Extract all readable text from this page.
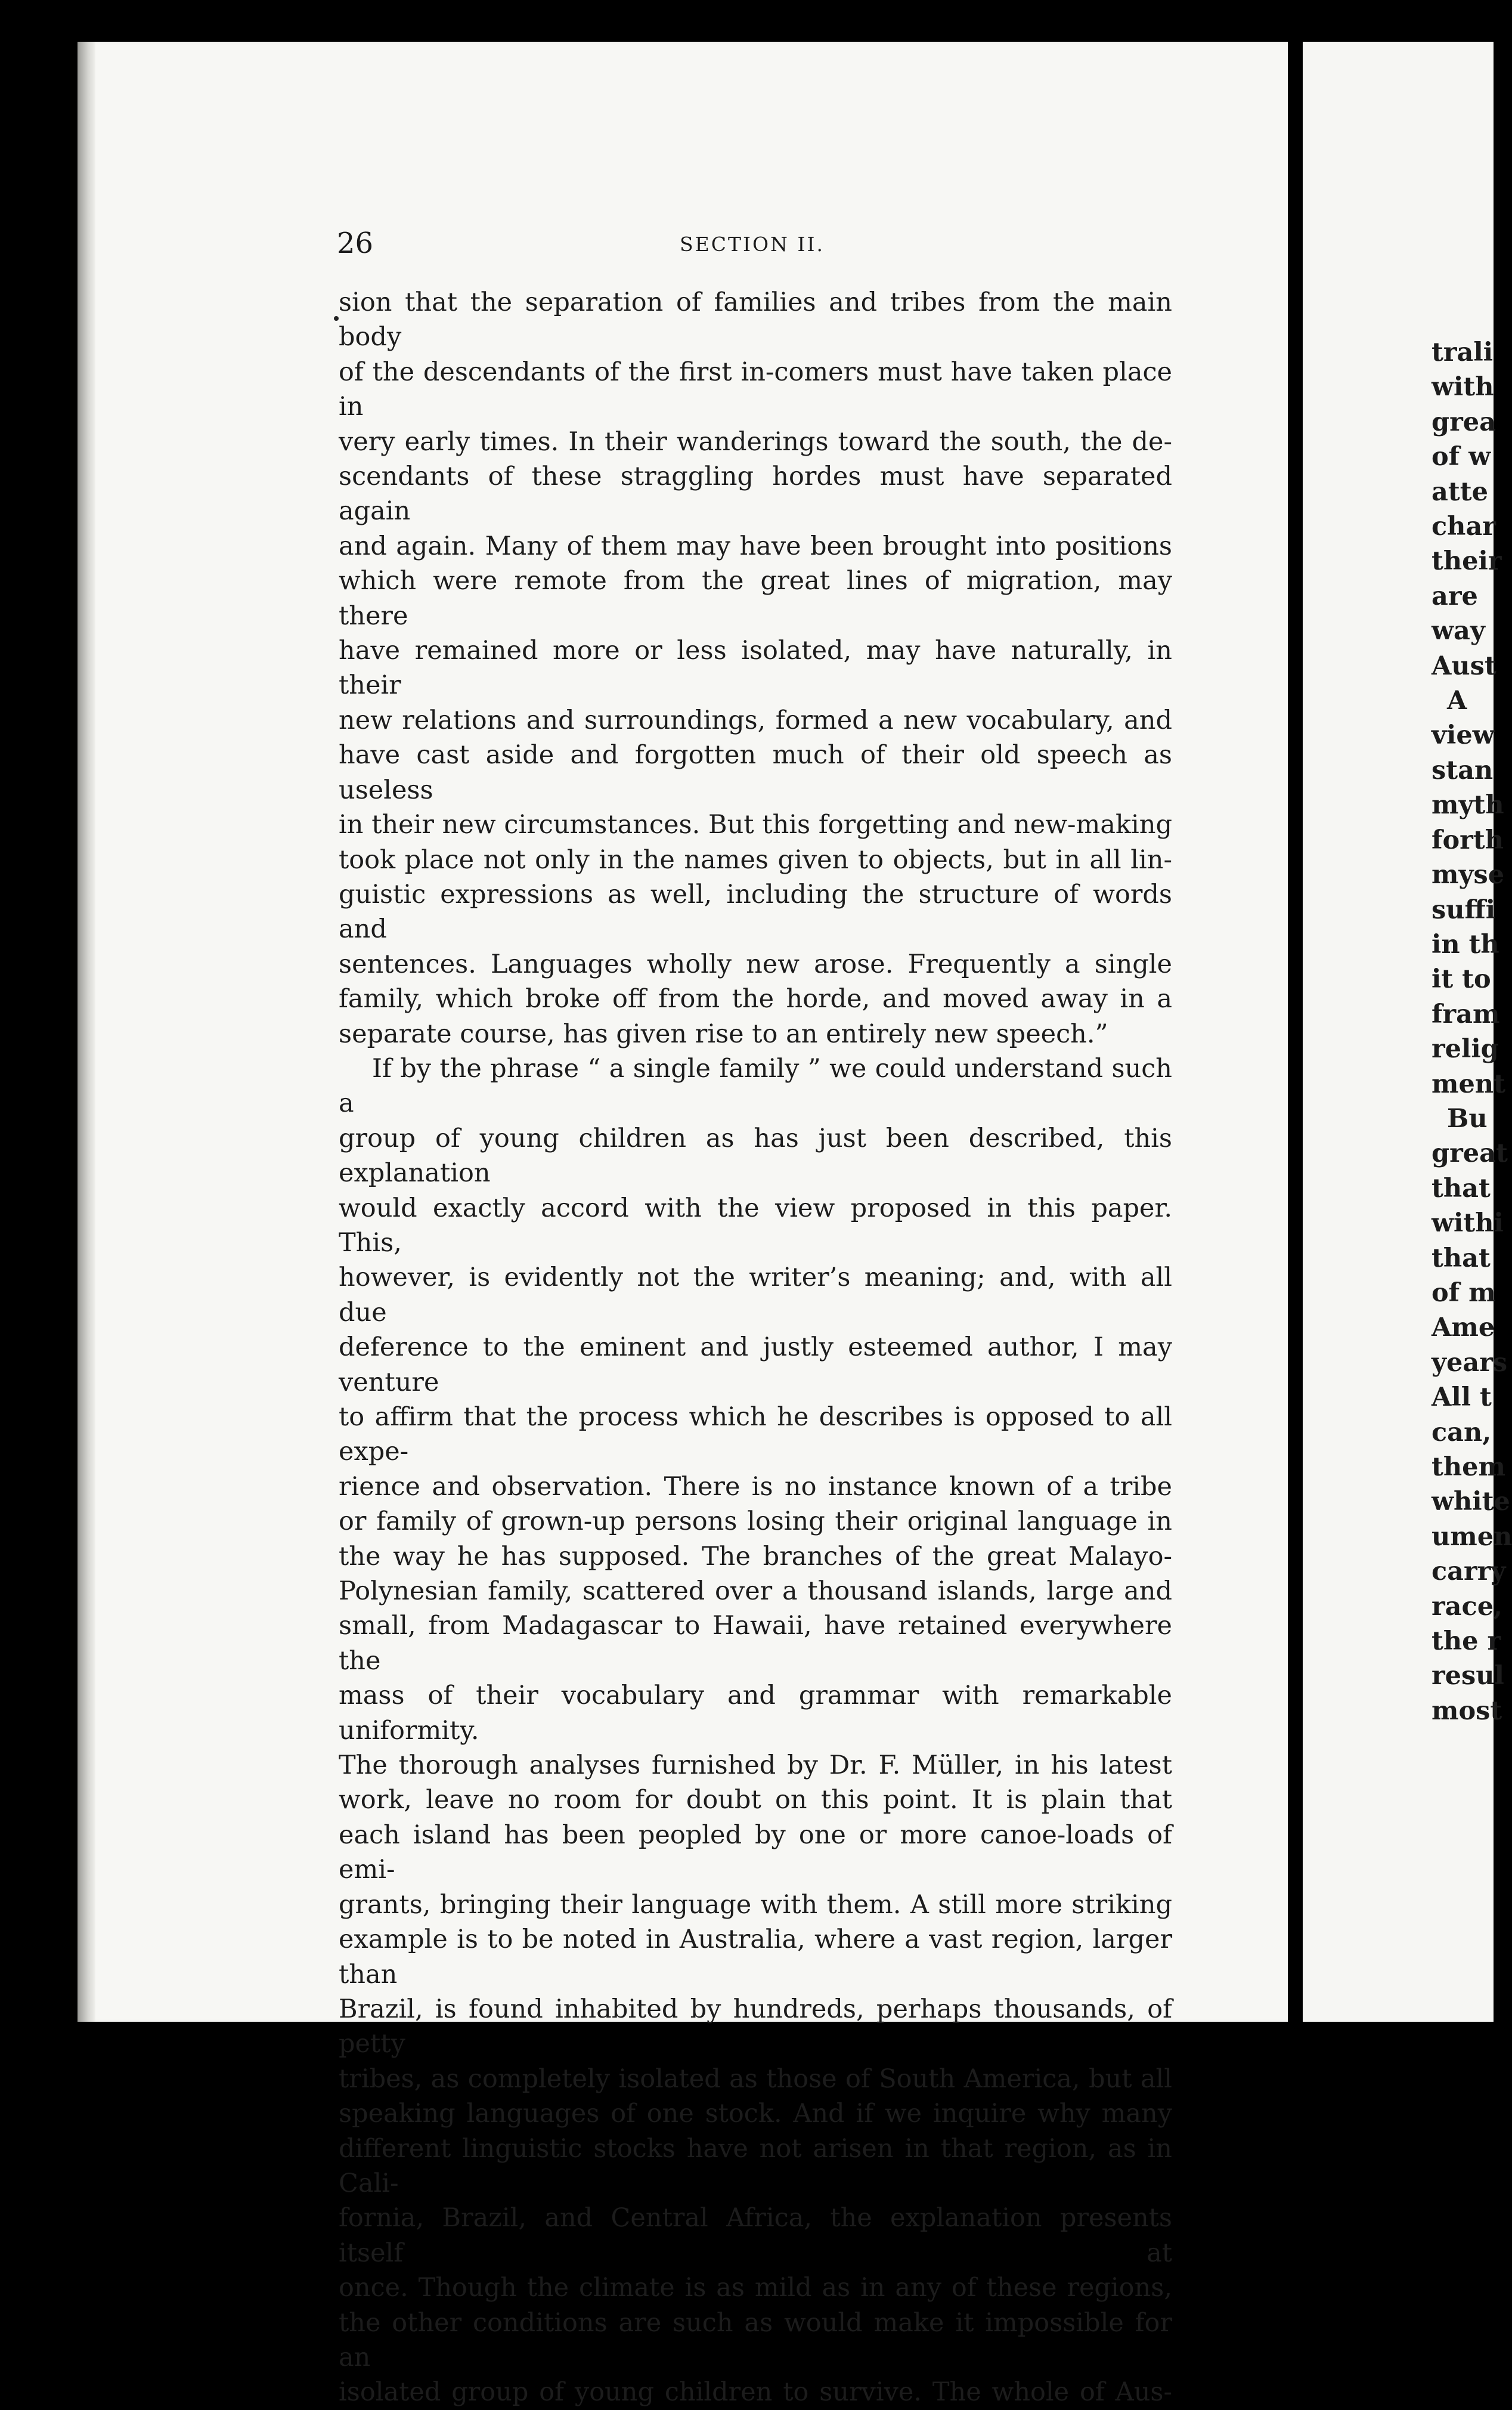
26	SECTION II.

sion that the separation of families and tribes from the main body

of the descendants of the first in-comers must have taken place in

very early times. In their wanderings toward the south, the de-

scendants of these straggling hordes must have separated again

and again. Many of them may have been brought into positions

which were remote from the great lines of migration, may there

have remained more or less isolated, may have naturally, in their

new relations and surroundings, formed a new vocabulary, and

have cast aside and forgotten much of their old speech as useless

in their new circumstances. But this forgetting and new-making

took place not only in the names given to objects, but in all lin-

guistic expressions as well, including the structure of words and

sentences. Languages wholly new arose. Frequently a single

family, which broke off from the horde, and moved away in a

separate course, has given rise to an entirely new speech.”

If by the phrase “ a single family ” we could understand such a

group of young children as has just been described, this explanation

would exactly accord with the view proposed in this paper. This,

however, is evidently not the writer’s meaning; and, with all due

deference to the eminent and justly esteemed author, I may venture

to affirm that the process which he describes is opposed to all expe-

rience and observation. There is no instance known of a tribe

or family of grown-up persons losing their original language in

the way he has supposed. The branches of the great Malayo-

Polynesian family, scattered over a thousand islands, large and

small, from Madagascar to Hawaii, have retained everywhere the

mass of their vocabulary and grammar with remarkable uniformity.

The thorough analyses furnished by Dr. F. Müller, in his latest

work, leave no room for doubt on this point. It is plain that

each island has been peopled by one or more canoe-loads of emi-

grants, bringing their language with them. A still more striking

example is to be noted in Australia, where a vast region, larger than

Brazil, is found inhabited by hundreds, perhaps thousands, of petty

tribes, as completely isolated as those of South America, but all

speaking languages of one stock. And if we inquire why many

different linguistic stocks have not arisen in that region, as in Cali-

fornia, Brazil, and Central Africa, the explanation presents itself at

once. Though the climate is as mild as in any of these regions,

the other conditions are such as would make it impossible for an

isolated group of young children to survive. The whole of Aus-

trali
with
grea
of w
atte
char
their
are
way
Aust
A
view
stan
myth
forth
myse
suffi
in th
it to
fram
relig
ment
Bu
great
that
withi
that
of m
Ame
years
All t
can,
them
white
umen
carry
race,
the r
resul
most
